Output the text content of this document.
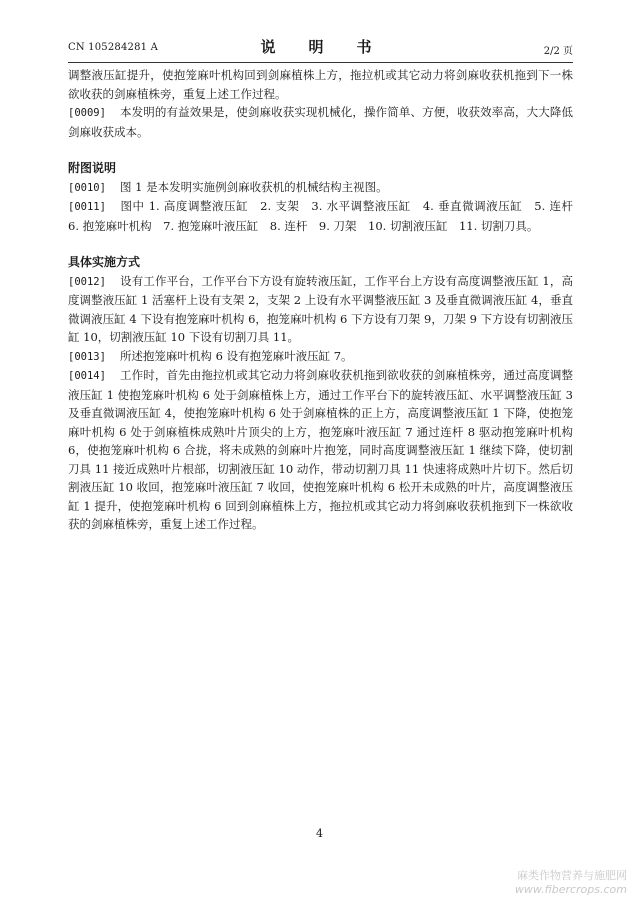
CN 105284281 A	说　明　书	2/2 页

调整液压缸提升，使抱笼麻叶机构回到剑麻植株上方，拖拉机或其它动力将剑麻收获机拖到下一株欲收获的剑麻植株旁，重复上述工作过程。

[0009] 本发明的有益效果是，使剑麻收获实现机械化，操作简单、方便，收获效率高，大大降低剑麻收获成本。

附图说明

[0010] 图 1 是本发明实施例剑麻收获机的机械结构主视图。

[0011] 图中 1. 高度调整液压缸　2. 支架　3. 水平调整液压缸　4. 垂直微调液压缸　5. 连杆　6. 抱笼麻叶机构　7. 抱笼麻叶液压缸　8. 连杆　9. 刀架　10. 切割液压缸　11. 切割刀具。

具体实施方式

[0012] 设有工作平台，工作平台下方设有旋转液压缸，工作平台上方设有高度调整液压缸 1，高度调整液压缸 1 活塞杆上设有支架 2，支架 2 上设有水平调整液压缸 3 及垂直微调液压缸 4，垂直微调液压缸 4 下设有抱笼麻叶机构 6，抱笼麻叶机构 6 下方设有刀架 9，刀架 9 下方设有切割液压缸 10，切割液压缸 10 下设有切割刀具 11。

[0013] 所述抱笼麻叶机构 6 设有抱笼麻叶液压缸 7。

[0014] 工作时，首先由拖拉机或其它动力将剑麻收获机拖到欲收获的剑麻植株旁，通过高度调整液压缸 1 使抱笼麻叶机构 6 处于剑麻植株上方，通过工作平台下的旋转液压缸、水平调整液压缸 3 及垂直微调液压缸 4，使抱笼麻叶机构 6 处于剑麻植株的正上方，高度调整液压缸 1 下降，使抱笼麻叶机构 6 处于剑麻植株成熟叶片顶尖的上方，抱笼麻叶液压缸 7 通过连杆 8 驱动抱笼麻叶机构 6，使抱笼麻叶机构 6 合拢，将未成熟的剑麻叶片抱笼，同时高度调整液压缸 1 继续下降，使切割刀具 11 接近成熟叶片根部，切割液压缸 10 动作，带动切割刀具 11 快速将成熟叶片切下。然后切割液压缸 10 收回，抱笼麻叶液压缸 7 收回，使抱笼麻叶机构 6 松开未成熟的叶片，高度调整液压缸 1 提升，使抱笼麻叶机构 6 回到剑麻植株上方，拖拉机或其它动力将剑麻收获机拖到下一株欲收获的剑麻植株旁，重复上述工作过程。

4
麻类作物营养与施肥网
www.fibercrops.com
